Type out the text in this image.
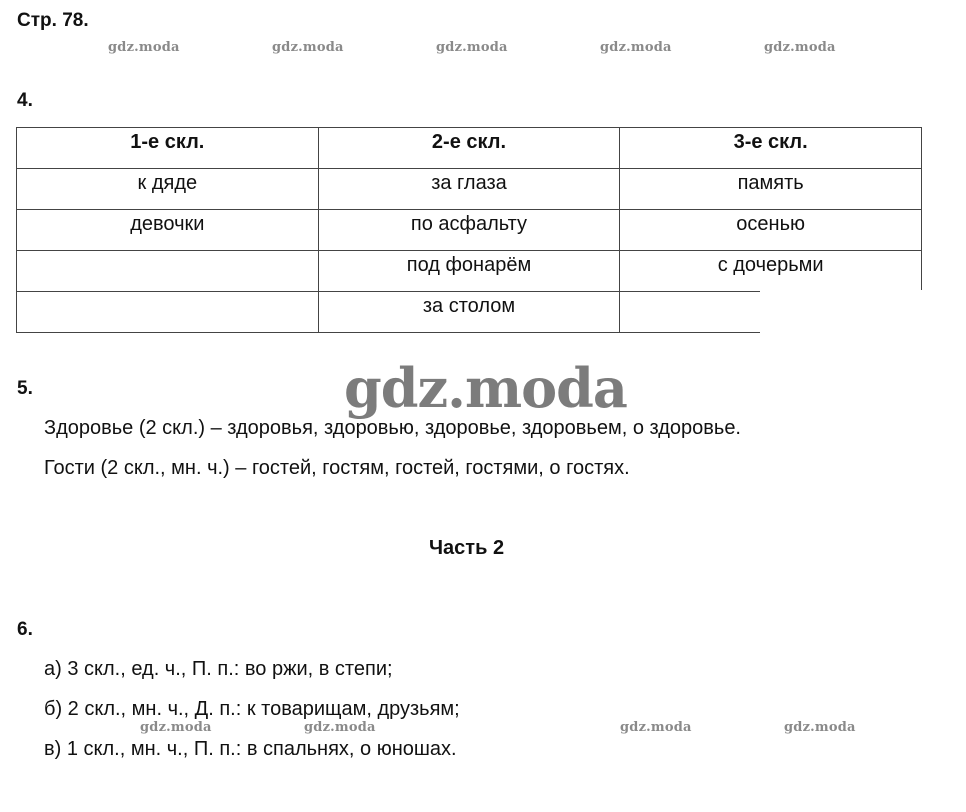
Стр. 78.
gdz.moda	gdz.moda	gdz.moda	gdz.moda	gdz.moda
4.
1-е скл.	2-е скл.	3-е скл.
к дяде	за глаза	память
девочки	по асфальту	осенью
	под фонарём	с дочерьми
	за столом	
5.	gdz.moda
Здоровье (2 скл.) – здоровья, здоровью, здоровье, здоровьем, о здоровье.
Гости (2 скл., мн. ч.) – гостей, гостям, гостей, гостями, о гостях.
Часть 2
6.
а) 3 скл., ед. ч., П. п.: во ржи, в степи;
б) 2 скл., мн. ч., Д. п.: к товарищам, друзьям;
в) 1 скл., мн. ч., П. п.: в спальнях, о юношах.
gdz.moda	gdz.moda	gdz.moda	gdz.moda
